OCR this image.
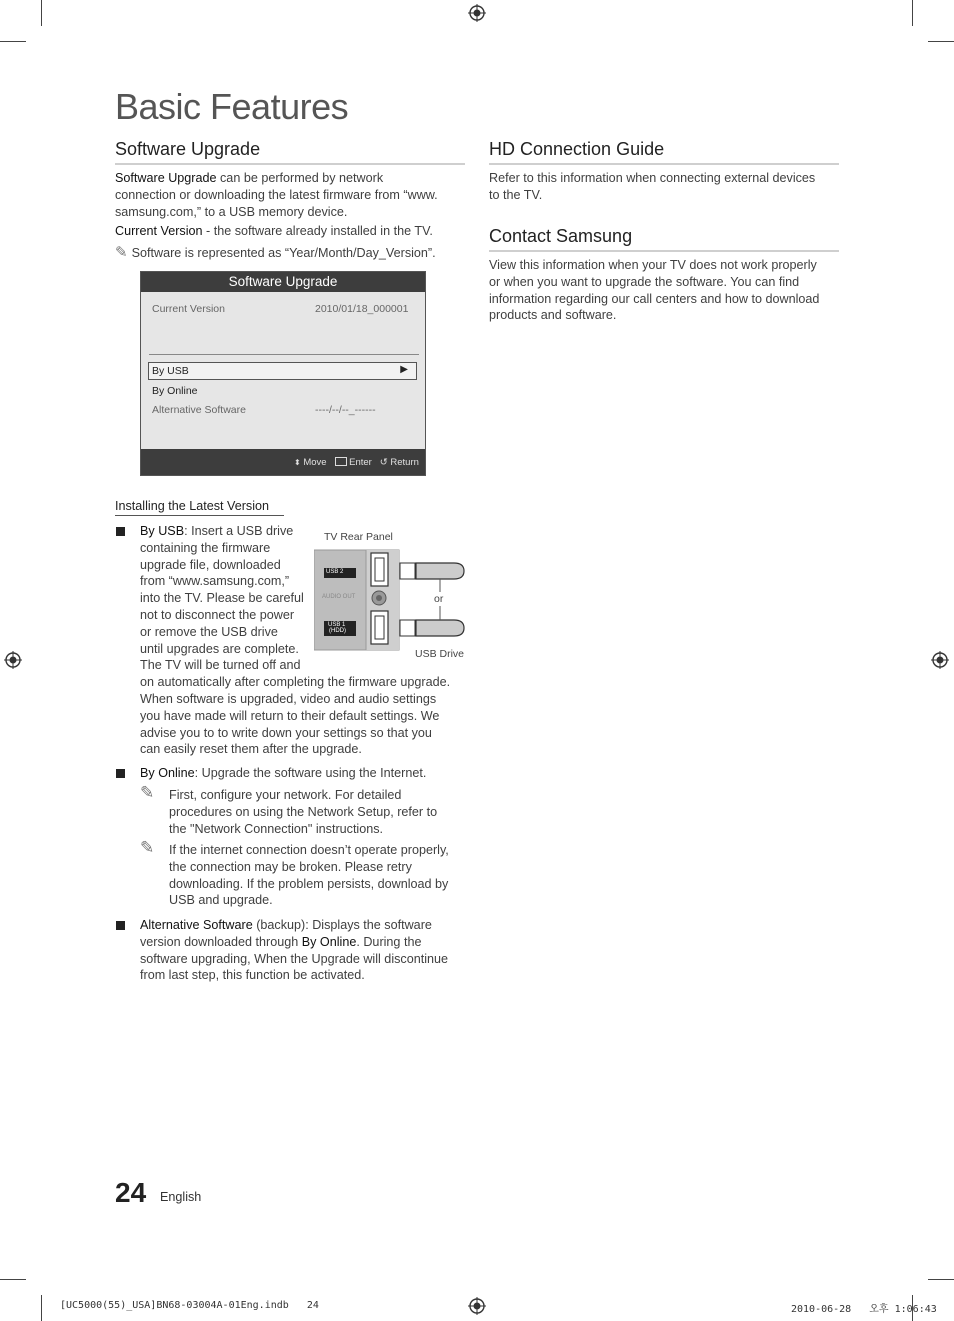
Basic Features
Software Upgrade
Software Upgrade can be performed by network
connection or downloading the latest firmware from “www.
samsung.com,” to a USB memory device.
Current Version - the software already installed in the TV.
✎ Software is represented as “Year/Month/Day_Version”.
Software Upgrade
Current Version	2010/01/18_000001
By USB	▶
By Online
Alternative Software	----/--/--_------
⬍ Move Enter ↺ Return
Installing the Latest Version
By USB: Insert a USB drive
containing the firmware
upgrade file, downloaded
from “www.samsung.com,”
into the TV. Please be careful
not to disconnect the power
or remove the USB drive
until upgrades are complete.
The TV will be turned off and
on automatically after completing the firmware upgrade.
When software is upgraded, video and audio settings
you have made will return to their default settings. We
advise you to to write down your settings so that you
can easily reset them after the upgrade.
TV Rear Panel
USB 2
AUDIO OUT
USB 1
(HDD)
or
USB Drive
By Online: Upgrade the software using the Internet.
✎ First, configure your network. For detailed
procedures on using the Network Setup, refer to
the "Network Connection" instructions.
✎ If the internet connection doesn’t operate properly,
the connection may be broken. Please retry
downloading. If the problem persists, download by
USB and upgrade.
Alternative Software (backup): Displays the software
version downloaded through By Online. During the
software upgrading, When the Upgrade will discontinue
from last step, this function be activated.
HD Connection Guide
Refer to this information when connecting external devices
to the TV.
Contact Samsung
View this information when your TV does not work properly
or when you want to upgrade the software. You can find
information regarding our call centers and how to download
products and software.
24 English
[UC5000(55)_USA]BN68-03004A-01Eng.indb   24	2010-06-28   오후 1:06:43
